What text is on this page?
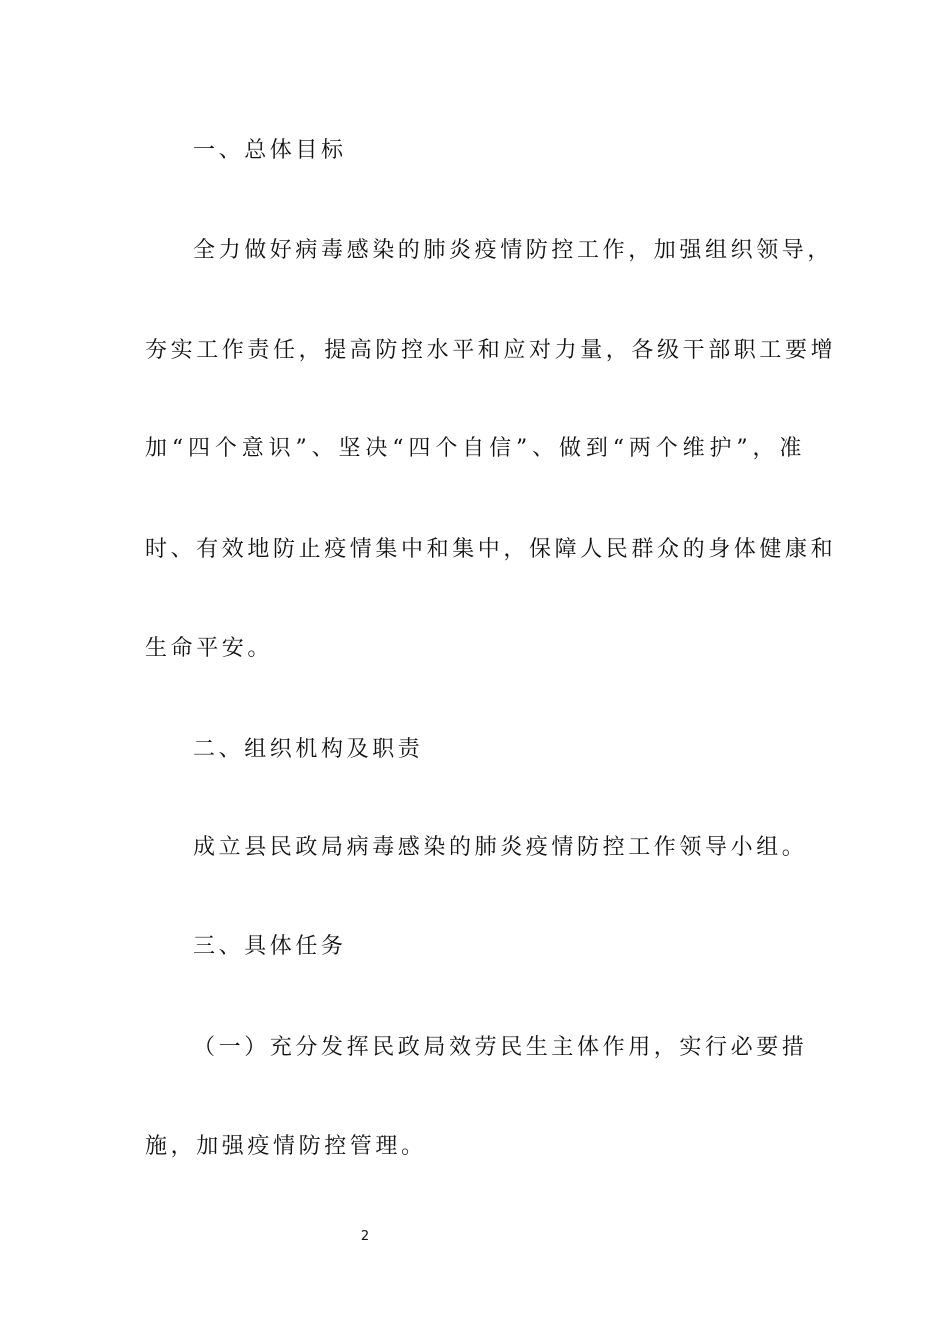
一、总体目标
全力做好病毒感染的肺炎疫情防控工作，加强组织领导，
夯实工作责任，提高防控水平和应对力量，各级干部职工要增
加“四个意识”、坚决“四个自信”、做到“两个维护”，准
时、有效地防止疫情集中和集中，保障人民群众的身体健康和
生命平安。
二、组织机构及职责
成立县民政局病毒感染的肺炎疫情防控工作领导小组。
三、具体任务
（一）充分发挥民政局效劳民生主体作用，实行必要措
施，加强疫情防控管理。
2
